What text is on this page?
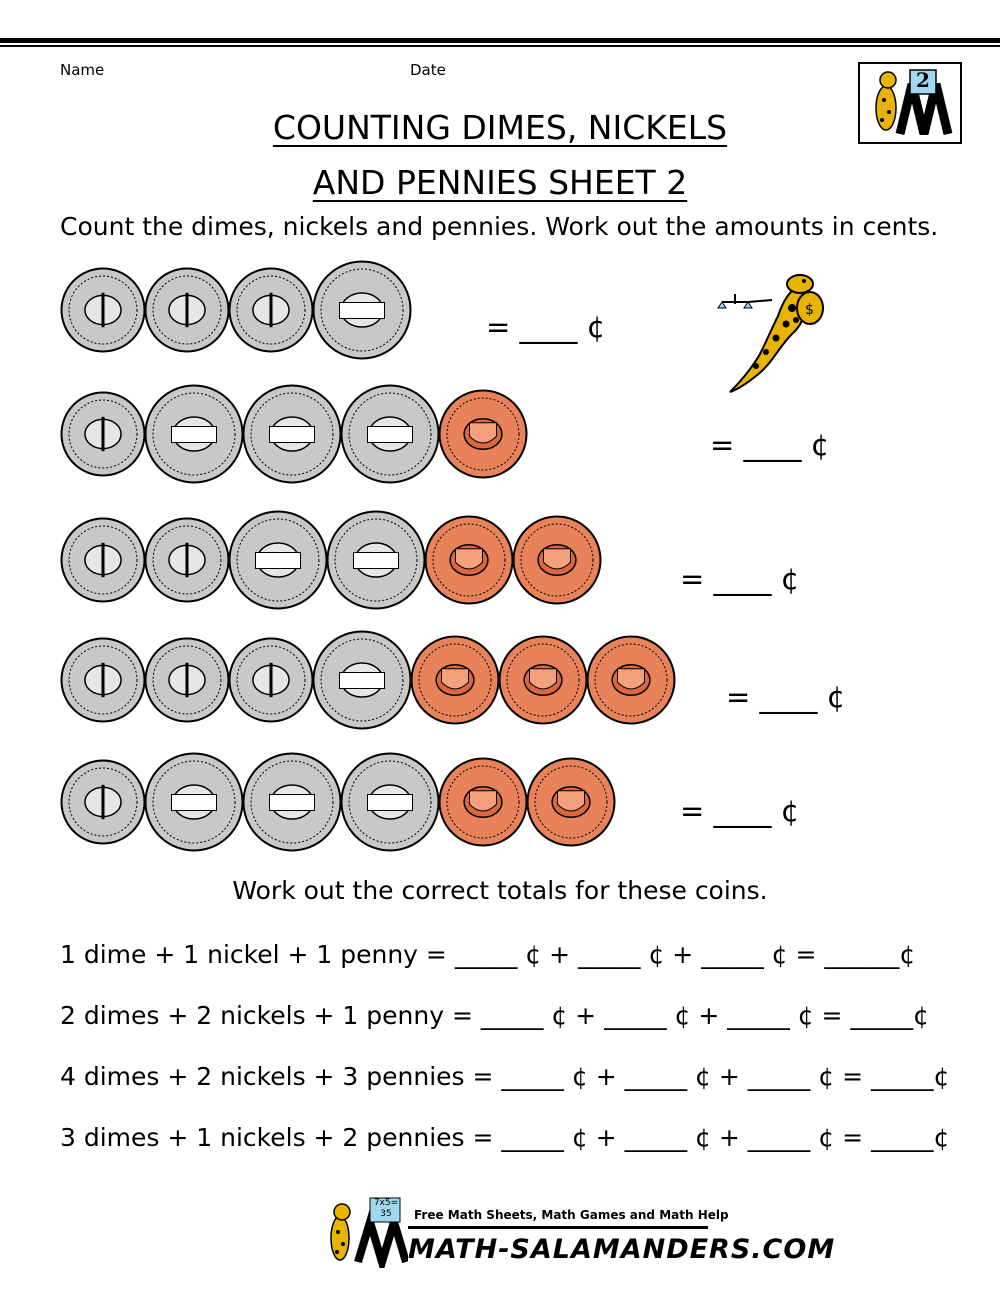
Name	Date	2
COUNTING DIMES, NICKELS
AND PENNIES SHEET 2
Count the dimes, nickels and pennies. Work out the amounts in cents.
$
= ____ ¢
= ____ ¢
= ____ ¢
= ____ ¢
= ____ ¢
Work out the correct totals for these coins.
1 dime + 1 nickel + 1 penny = _____ ¢ + _____ ¢ + _____ ¢ = ______¢
2 dimes + 2 nickels + 1 penny = _____ ¢ + _____ ¢ + _____ ¢ = _____¢
4 dimes + 2 nickels + 3 pennies = _____ ¢ + _____ ¢ + _____ ¢ = _____¢
3 dimes + 1 nickels + 2 pennies = _____ ¢ + _____ ¢ + _____ ¢ = _____¢
7x5= 35	Free Math Sheets, Math Games and Math Help
MATH-SALAMANDERS.COM
